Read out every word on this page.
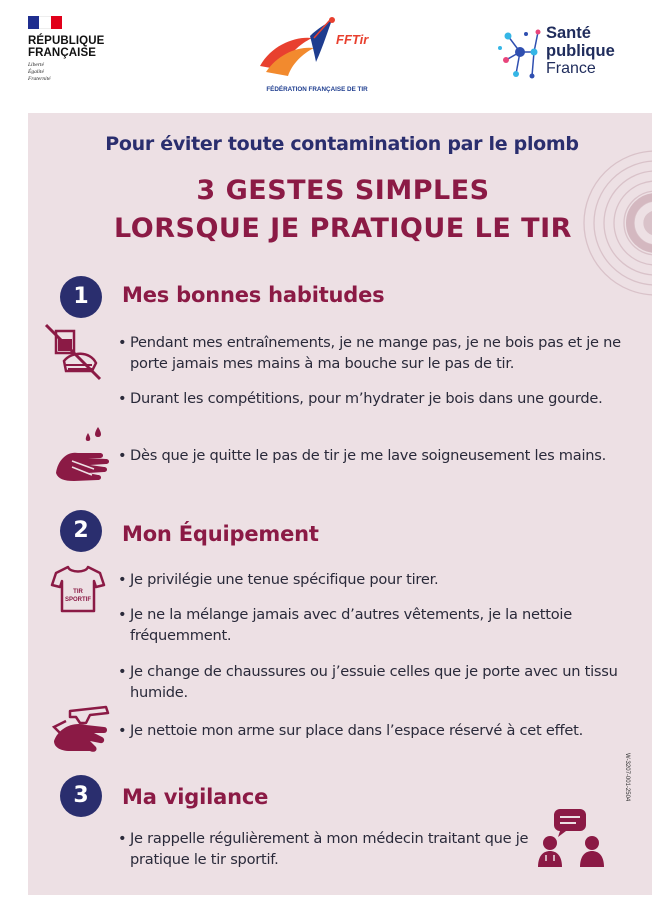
RÉPUBLIQUE
FRANÇAISE
Liberté
Égalité
Fraternité
FFTir
FÉDÉRATION FRANÇAISE DE TIR
Santé
publique
France
Pour éviter toute contamination par le plomb
3 GESTES SIMPLES
LORSQUE JE PRATIQUE LE TIR
1	Mes bonnes habitudes
• Pendant mes entraînements, je ne mange pas, je ne bois pas et je ne porte jamais mes mains à ma bouche sur le pas de tir.
• Durant les compétitions, pour m’hydrater je bois dans une gourde.
• Dès que je quitte le pas de tir je me lave soigneusement les mains.
2	Mon Équipement
TIR
SPORTIF
• Je privilégie une tenue spécifique pour tirer.
• Je ne la mélange jamais avec d’autres vêtements, je la nettoie fréquemment.
• Je change de chaussures ou j’essuie celles que je porte avec un tissu humide.
• Je nettoie mon arme sur place dans l’espace réservé à cet effet.
3	Ma vigilance
• Je rappelle régulièrement à mon médecin traitant que je pratique le tir sportif.
W-3207-001-2504
